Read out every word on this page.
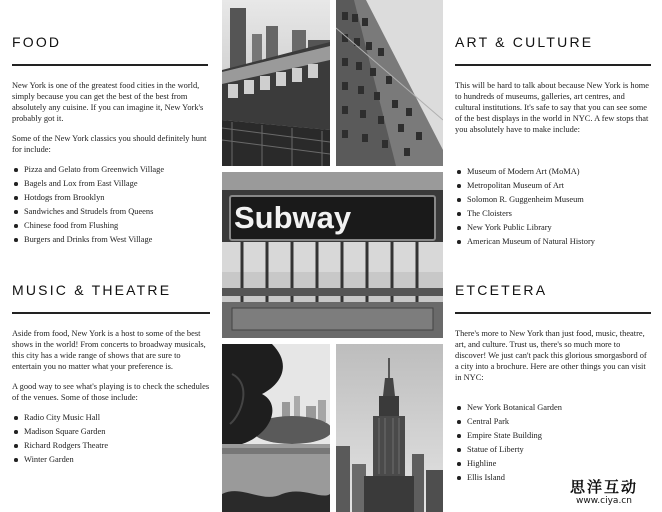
FOOD

New York is one of the greatest food cities in the world, simply because you can get the best of the best from absolutely any cuisine. If you can imagine it, New York's probably got it.

Some of the New York classics you should definitely hunt for include:

Pizza and Gelato from Greenwich Village
Bagels and Lox from East Village
Hotdogs from Brooklyn
Sandwiches and Strudels from Queens
Chinese food from Flushing
Burgers and Drinks from West Village
MUSIC & THEATRE

Aside from food, New York is a host to some of the best shows in the world! From concerts to broadway musicals, this city has a wide range of shows that are sure to entertain you no matter what your preference is.

A good way to see what's playing is to check the schedules of the venues. Some of those include:

Radio City Music Hall
Madison Square Garden
Richard Rodgers Theatre
Winter Garden
ART & CULTURE

This will be hard to talk about because New York is home to hundreds of museums, galleries, art centres, and cultural institutions. It's safe to say that you can see some of the best displays in the world in NYC. A few stops that you absolutely have to make include:

Museum of Modern Art (MoMA)
Metropolitan Museum of Art
Solomon R. Guggenheim Museum
The Cloisters
New York Public Library
American Museum of Natural History
ETCETERA

There's more to New York than just food, music, theatre, art, and culture. Trust us, there's so much more to discover! We just can't pack this glorious smorgasbord of a city into a brochure. Here are other things you can visit in NYC:

New York Botanical Garden
Central Park
Empire State Building
Statue of Liberty
Highline
Ellis Island
Subway
思洋互动
www.ciya.cn
